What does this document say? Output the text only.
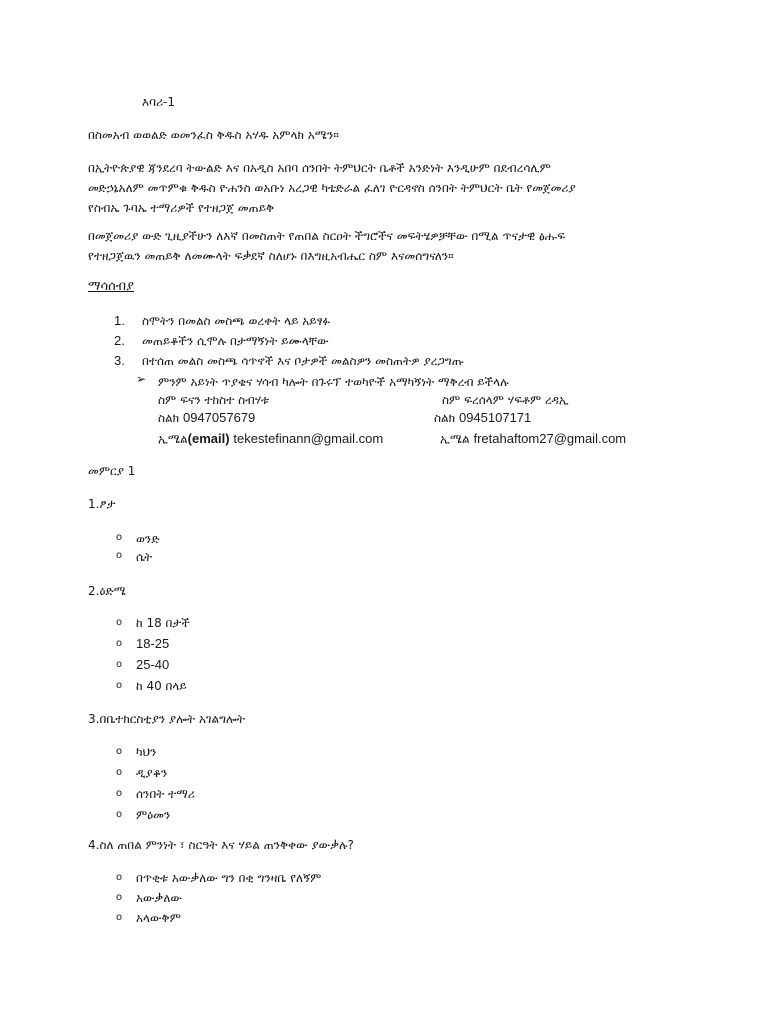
እባሪ-1
በስመአብ ወወልድ ወመንፈስ ቅዱስ አሃዱ አምላክ አሜን።
በኢትዮጵያዊ ጃንደረባ ትውልድ እና በአዲስ አበባ ሰንበት ትምህርት ቤቶች አንድነት እንዲሁም በደብረሳሊም
መድኃኔአለም መጥምቁ ቅዱስ ዮሐንስ ወአቡነ አረጋዊ ካቴድራል ፈለገ ዮርዳኖስ ሰንበት ትምህርት ቤት የመጀመሪያ
የስብኤ ጉባኤ ተማሪዎች የተዘጋጀ መጠይቅ
በመጀመሪያ ውድ ጊዚያችሁን ለእኛ በመስጠት የጠበል ስርዐት ችግሮችና መፍትሄዎቻቸው በሚል ጥናታዊ ፅሑፍ
የተዘጋጀዉን መጠይቅ ለመሙላት ፍቃደኛ ስለሆኑ በእግዚአብሔር ስም እናመሰግናለን።
ማሳሰብያ
1. ስሞትን በመልስ መስጫ ወረቀት ላይ አይፃፉ
2. መጠይቆችን ሲሞሉ በታማኝነት ይሙላቸው
3. በተሰጠ መልስ መስጫ ሳጥኖች እና ቦታዎች መልስዎን መስጠትዎ ያረጋግጡ
➢ ምንም አይነት ጥያቄና ሃሳብ ካሎት በጉሩፕ ተወካዮች አማካኝነት ማቅረብ ይችላሉ
ስም ፍናን ተከስተ ስብሃቱ
ስልክ 0947057679
ኢሜል(email) tekestefinann@gmail.com
ስም ፍረሰላም ሃፍቶም ረዳኢ
ስልክ 0945107171
ኢሜል fretahaftom27@gmail.com
መምርያ 1
1.ፆታ
o ወንድ
o ሴት
2.ዕድሜ
o ከ 18 በታች
o 18-25
o 25-40
o ከ 40 በላይ
3.በቤተክርስቲያን ያሎት አገልግሎት
o ካህን
o ዲያቆን
o ሰንበት ተማሪ
o ምዕመን
4.ስለ ጠበል ምንነት ፣ ስርዓት እና ሃይል ጠንቅቀው ያውቃሉ?
o በጥቂቱ አውቃለው ግን በቂ ግንዛቤ የለኝም
o አውቃለው
o አላውቅም
